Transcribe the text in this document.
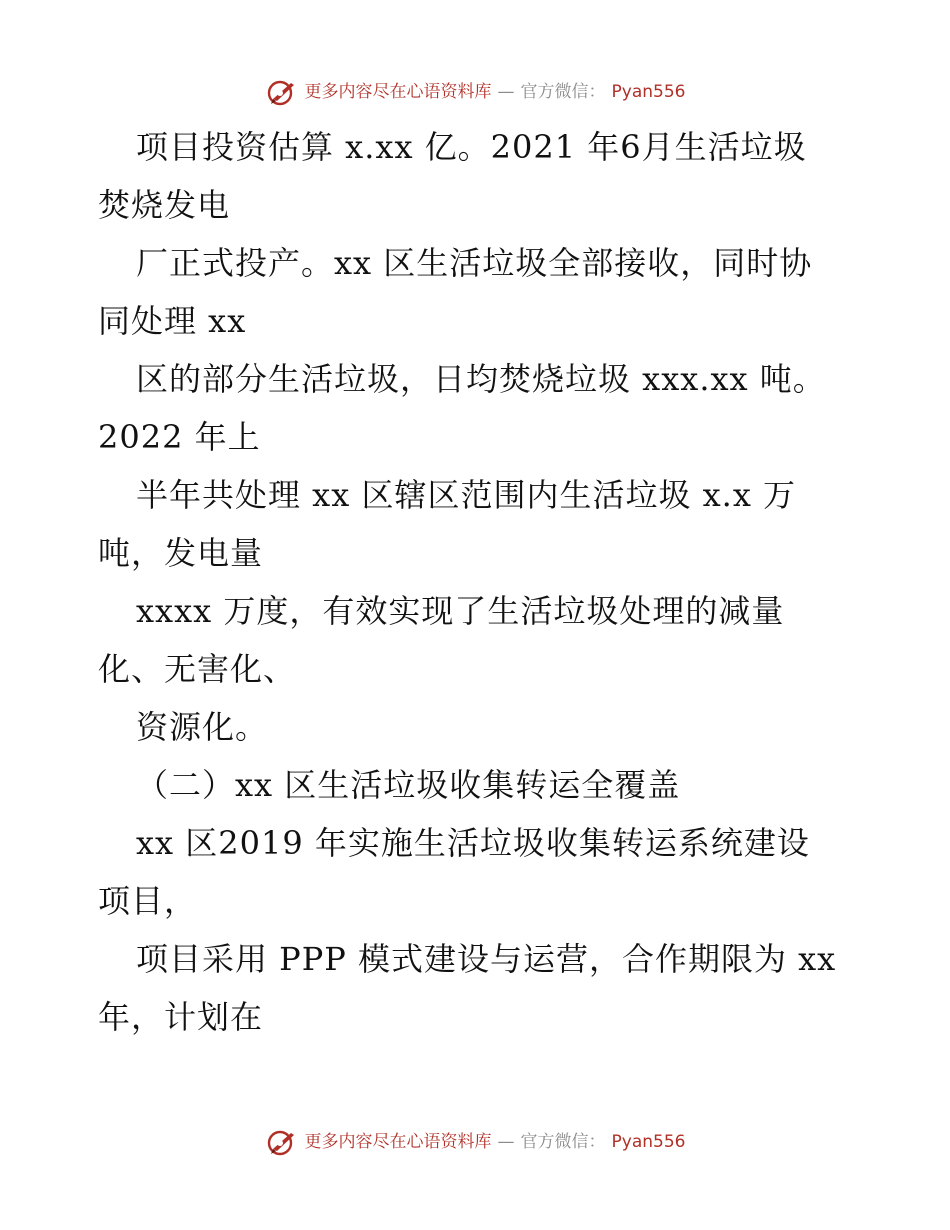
更多内容尽在心语资料库 — 官方微信： Pyan556
项目投资估算 x.xx 亿。2021 年6月生活垃圾
焚烧发电
厂正式投产。xx 区生活垃圾全部接收，同时协
同处理 xx
区的部分生活垃圾，日均焚烧垃圾 xxx.xx 吨。
2022 年上
半年共处理 xx 区辖区范围内生活垃圾 x.x 万
吨，发电量
xxxx 万度，有效实现了生活垃圾处理的减量
化、无害化、
资源化。
（二）xx 区生活垃圾收集转运全覆盖
xx 区2019 年实施生活垃圾收集转运系统建设
项目，
项目采用 PPP 模式建设与运营，合作期限为 xx
年，计划在
更多内容尽在心语资料库 — 官方微信： Pyan556
